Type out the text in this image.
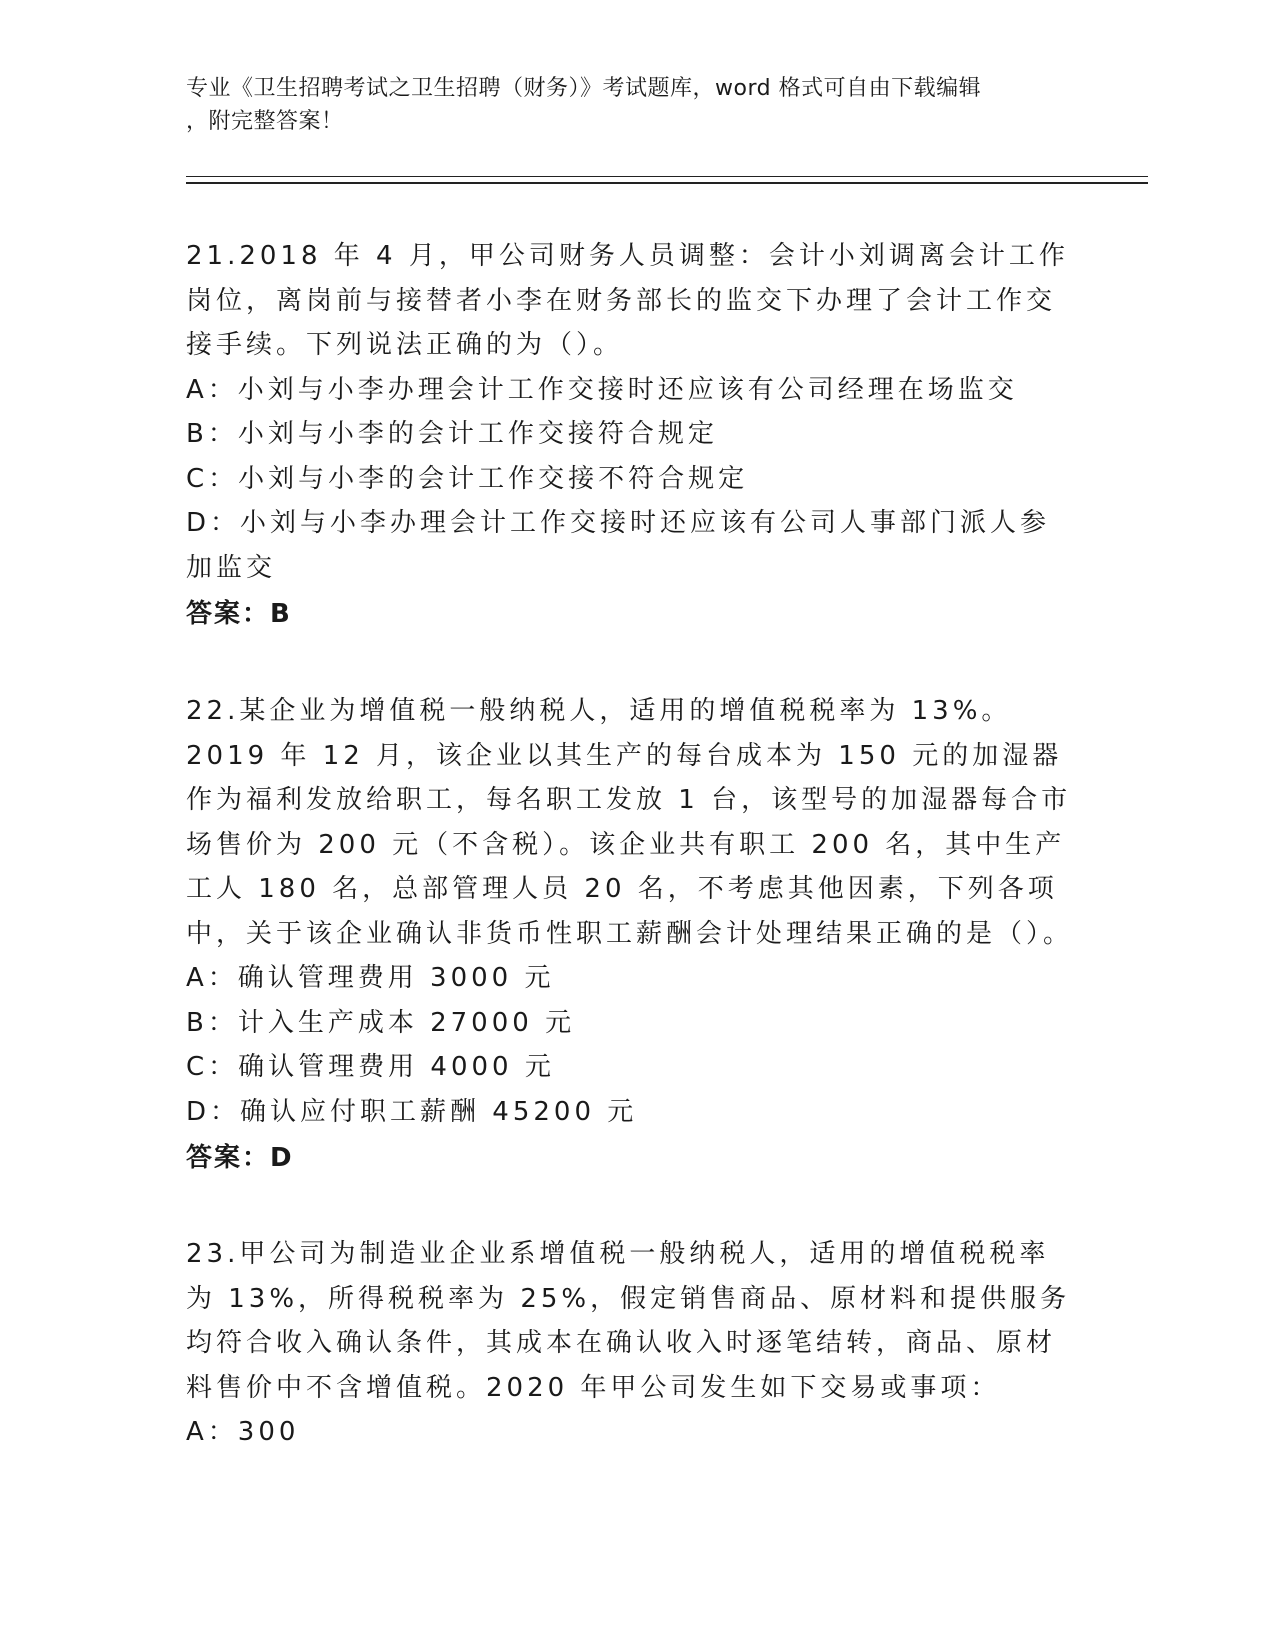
专业《卫生招聘考试之卫生招聘（财务）》考试题库，word 格式可自由下载编辑
，附完整答案！

21.2018 年 4 月，甲公司财务人员调整：会计小刘调离会计工作岗位，离岗前与接替者小李在财务部长的监交下办理了会计工作交接手续。下列说法正确的为（）。

A：小刘与小李办理会计工作交接时还应该有公司经理在场监交

B：小刘与小李的会计工作交接符合规定

C：小刘与小李的会计工作交接不符合规定

D：小刘与小李办理会计工作交接时还应该有公司人事部门派人参加监交

答案：B

22.某企业为增值税一般纳税人，适用的增值税税率为 13%。2019 年 12 月，该企业以其生产的每台成本为 150 元的加湿器作为福利发放给职工，每名职工发放 1 台，该型号的加湿器每合市场售价为 200 元（不含税）。该企业共有职工 200 名，其中生产工人 180 名，总部管理人员 20 名，不考虑其他因素，下列各项中，关于该企业确认非货币性职工薪酬会计处理结果正确的是（）。

A：确认管理费用 3000 元

B：计入生产成本 27000 元

C：确认管理费用 4000 元

D：确认应付职工薪酬 45200 元

答案：D

23.甲公司为制造业企业系增值税一般纳税人，适用的增值税税率为 13%，所得税税率为 25%，假定销售商品、原材料和提供服务均符合收入确认条件，其成本在确认收入时逐笔结转，商品、原材料售价中不含增值税。2020 年甲公司发生如下交易或事项：

A：300
